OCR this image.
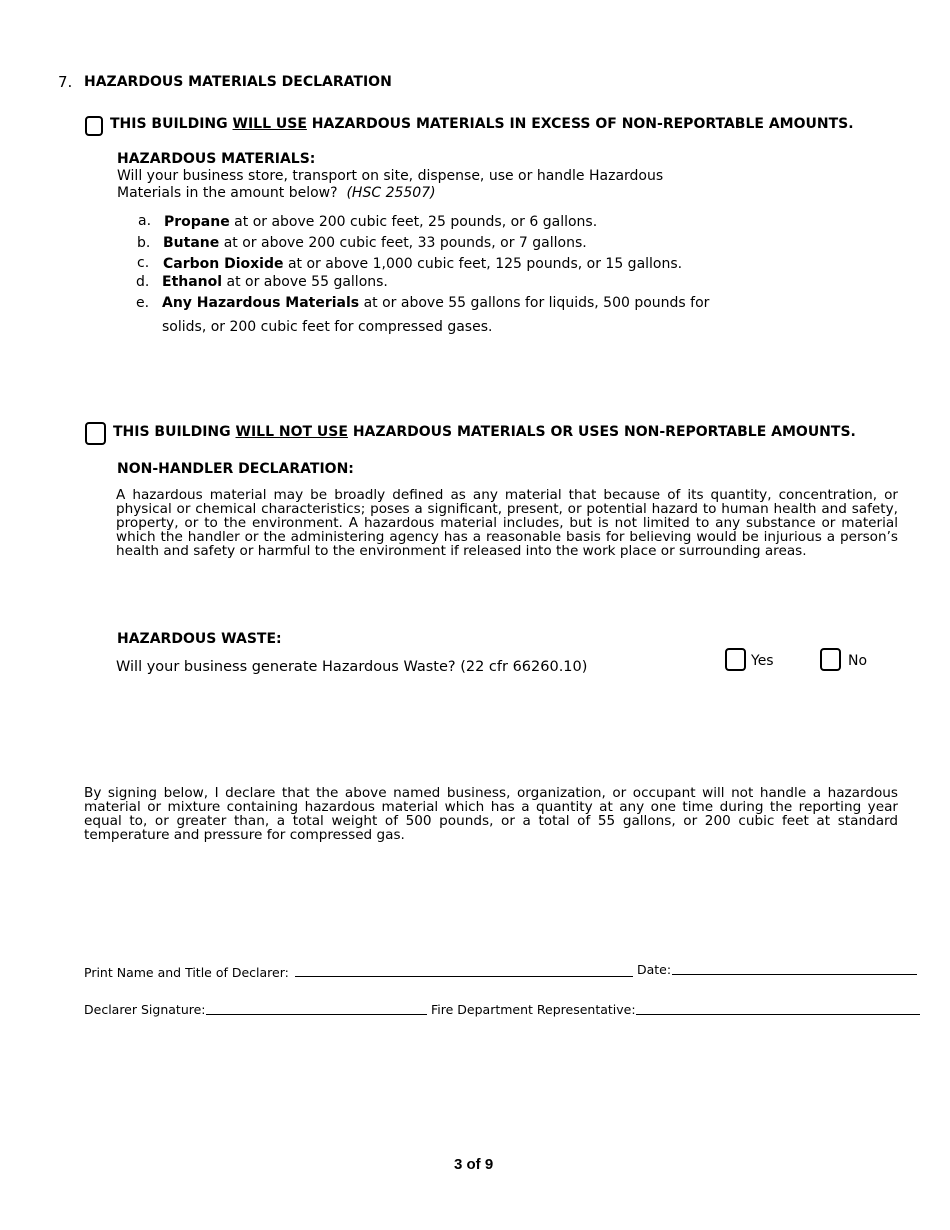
7. HAZARDOUS MATERIALS DECLARATION
THIS BUILDING WILL USE HAZARDOUS MATERIALS IN EXCESS OF NON-REPORTABLE AMOUNTS.
HAZARDOUS MATERIALS:
Will your business store, transport on site, dispense, use or handle Hazardous
Materials in the amount below? (HSC 25507)
a. Propane at or above 200 cubic feet, 25 pounds, or 6 gallons.
b. Butane at or above 200 cubic feet, 33 pounds, or 7 gallons.
c. Carbon Dioxide at or above 1,000 cubic feet, 125 pounds, or 15 gallons.
d. Ethanol at or above 55 gallons.
e. Any Hazardous Materials at or above 55 gallons for liquids, 500 pounds for
solids, or 200 cubic feet for compressed gases.
THIS BUILDING WILL NOT USE HAZARDOUS MATERIALS OR USES NON-REPORTABLE AMOUNTS.
NON-HANDLER DECLARATION:
A hazardous material may be broadly defined as any material that because of its quantity, concentration, or physical or chemical characteristics; poses a significant, present, or potential hazard to human health and safety, property, or to the environment. A hazardous material includes, but is not limited to any substance or material which the handler or the administering agency has a reasonable basis for believing would be injurious a person’s health and safety or harmful to the environment if released into the work place or surrounding areas.
HAZARDOUS WASTE:
Will your business generate Hazardous Waste? (22 cfr 66260.10)	Yes	No
By signing below, I declare that the above named business, organization, or occupant will not handle a hazardous material or mixture containing hazardous material which has a quantity at any one time during the reporting year equal to, or greater than, a total weight of 500 pounds, or a total of 55 gallons, or 200 cubic feet at standard temperature and pressure for compressed gas.
Print Name and Title of Declarer:	Date:
Declarer Signature:	Fire Department Representative:
3 of 9
